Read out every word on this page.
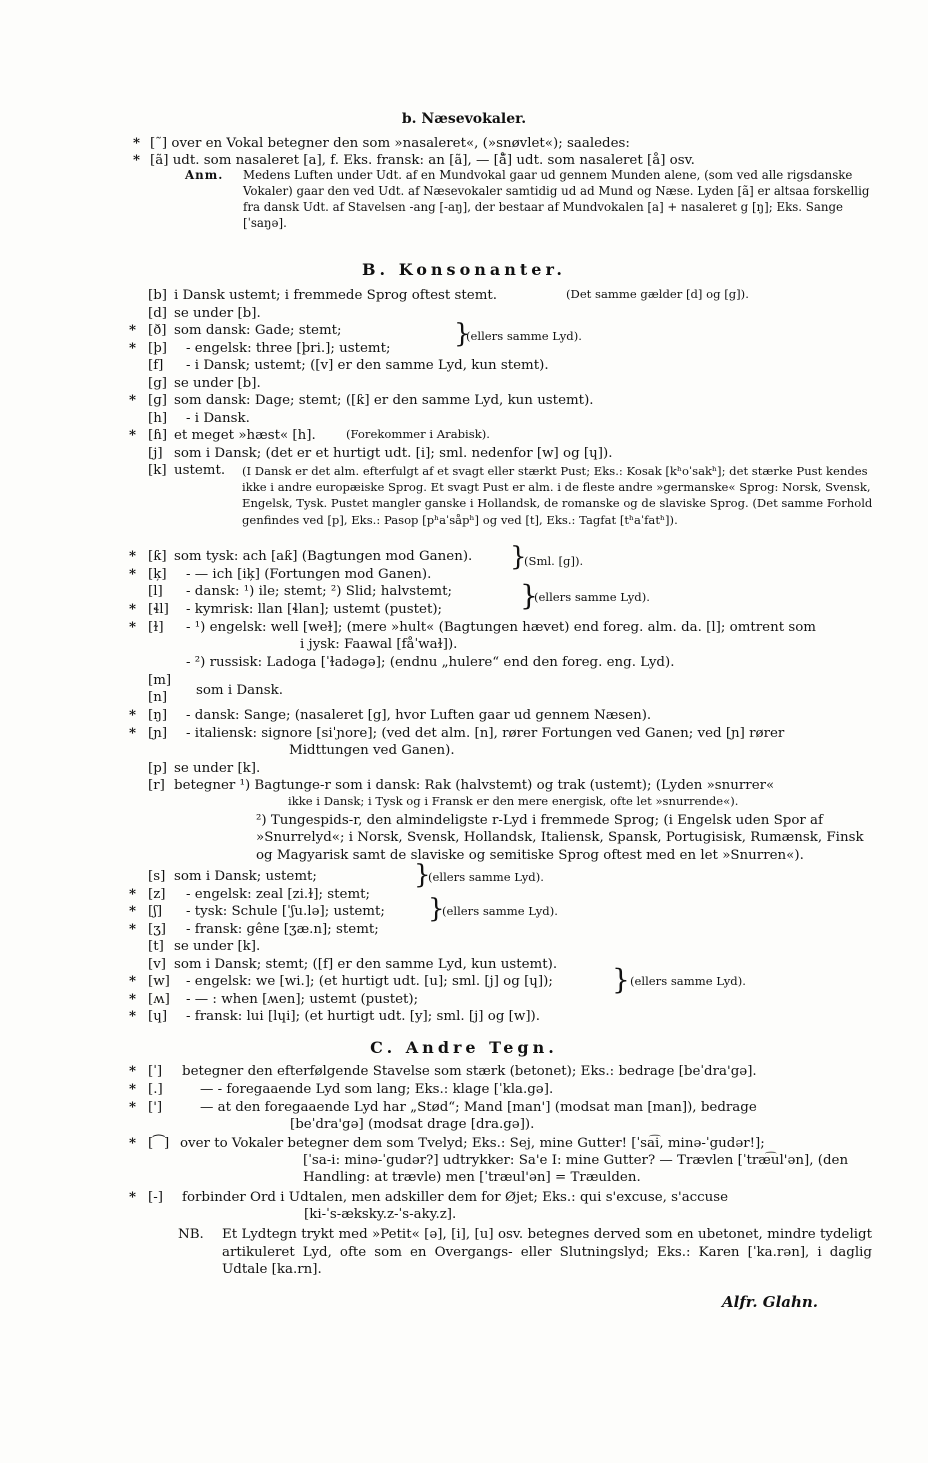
b. Næsevokaler.
B. Konsonanter.
C. Andre Tegn.
* [˜] over en Vokal betegner den som »nasaleret«, (»snøvlet«); saaledes:
* [ã] udt. som nasaleret [a], f. Eks. fransk: an [ã], — [å̃] udt. som nasaleret [å] osv.
Anm. Medens Luften under Udt. af en Mundvokal gaar ud gennem Munden alene, (som ved alle rigsdanske Vokaler) gaar den ved Udt. af Næsevokaler samtidig ud ad Mund og Næse. Lyden [ã] er altsaa forskellig fra dansk Udt. af Stavelsen -ang [-aŋ], der bestaar af Mundvokalen [a] + nasaleret g [ŋ]; Eks. Sange [ˈsaŋə].
[b] i Dansk ustemt; i fremmede Sprog oftest stemt.	(Det samme gælder [d] og [g]).
[d] se under [b].
* [ð] som dansk: Gade; stemt;
* [þ] - engelsk: three [þri.]; ustemt;
[f] - i Dansk; ustemt; ([v] er den samme Lyd, kun stemt).
[g] se under [b].
* [ɡ] som dansk: Dage; stemt; ([ƙ] er den samme Lyd, kun ustemt).
[h] - i Dansk.
* [ɦ] et meget »hæst« [h].	(Forekommer i Arabisk).
[j] som i Dansk; (det er et hurtigt udt. [i]; sml. nedenfor [w] og [ɥ]).
[k] ustemt. (I Dansk er det alm. efterfulgt af et svagt eller stærkt Pust; Eks.: Kosak [kʰoˈsakʰ]; det stærke Pust kendes ikke i andre europæiske Sprog. Et svagt Pust er alm. i de fleste andre »germanske« Sprog: Norsk, Svensk, Engelsk, Tysk. Pustet mangler ganske i Hollandsk, de romanske og de slaviske Sprog. (Det samme Forhold genfindes ved [p], Eks.: Pasop [pʰaˈsåpʰ] og ved [t], Eks.: Tagfat [tʰaˈfatʰ]).
}
(ellers samme Lyd).
* [ƙ] som tysk: ach [aƙ] (Bagtungen mod Ganen).
* [ķ] - — ich [iķ] (Fortungen mod Ganen).
[l] - dansk: ¹) ile; stemt; ²) Slid; halvstemt;
* [ɬl] - kymrisk: llan [ɬlan]; ustemt (pustet);
* [ɫ] - ¹) engelsk: well [weɫ]; (mere »hult« (Bagtungen hævet) end foreg. alm. da. [l]; omtrent som
i jysk: Faawal [fåˈwaɫ]).
- ²) russisk: Ladoga [ˈɫadəgə]; (endnu „hulere“ end den foreg. eng. Lyd).
[m]
[n] som i Dansk.
* [ŋ] - dansk: Sange; (nasaleret [g], hvor Luften gaar ud gennem Næsen).
* [ɲ] - italiensk: signore [siˈɲore]; (ved det alm. [n], rører Fortungen ved Ganen; ved [ɲ] rører
Midttungen ved Ganen).
[p] se under [k].
[r] betegner ¹) Bagtunge-r som i dansk: Rak (halvstemt) og trak (ustemt); (Lyden »snurrer«
ikke i Dansk; i Tysk og i Fransk er den mere energisk, ofte let »snurrende«).
²) Tungespids-r, den almindeligste r-Lyd i fremmede Sprog; (i Engelsk uden Spor af »Snurrelyd«; i Norsk, Svensk, Hollandsk, Italiensk, Spansk, Portugisisk, Rumænsk, Finsk og Magyarisk samt de slaviske og semitiske Sprog oftest med en let »Snurren«).
[s] som i Dansk; ustemt;
* [z] - engelsk: zeal [zi.ɫ]; stemt;
* [ʃ] - tysk: Schule [ˈʃu.lə]; ustemt;
* [ʒ] - fransk: gêne [ʒæ.n]; stemt;
[t] se under [k].
[v] som i Dansk; stemt; ([f] er den samme Lyd, kun ustemt).
* [w] - engelsk: we [wi.]; (et hurtigt udt. [u]; sml. [j] og [ɥ]);
* [ʍ] - — : when [ʍen]; ustemt (pustet);
* [ɥ] - fransk: lui [lɥi]; (et hurtigt udt. [y]; sml. [j] og [w]).
}
(Sml. [ɡ]).
}
(ellers samme Lyd).
}
(ellers samme Lyd).
}
(ellers samme Lyd).
} (ellers samme Lyd).
* [ˈ] betegner den efterfølgende Stavelse som stærk (betonet); Eks.: bedrage [beˈdra'gə].
* [.]	— - foregaaende Lyd som lang; Eks.: klage [ˈkla.gə].
* [']	— at den foregaaende Lyd har „Stød“; Mand [man'] (modsat man [man]), bedrage
[beˈdra'gə] (modsat drage [dra.gə]).
* [⁀] over to Vokaler betegner dem som Tvelyd; Eks.: Sej, mine Gutter! [ˈsa͡i, minə-ˈgudər!];
[ˈsa-i: minə-ˈgudər?] udtrykker: Sa'e I: mine Gutter? — Trævlen [ˈtræ͡ul'ən], (den Handling: at trævle) men [ˈtræul'ən] = Træulden.
* [-] forbinder Ord i Udtalen, men adskiller dem for Øjet; Eks.: qui s'excuse, s'accuse
[ki-ˈs-æksky.z-ˈs-aky.z].
NB. Et Lydtegn trykt med »Petit« [ə], [i], [u] osv. betegnes derved som en ubetonet, mindre tydeligt artikuleret Lyd, ofte som en Overgangs- eller Slutningslyd; Eks.: Karen [ˈka.rən], i daglig Udtale [ka.rn].
Alfr. Glahn.
